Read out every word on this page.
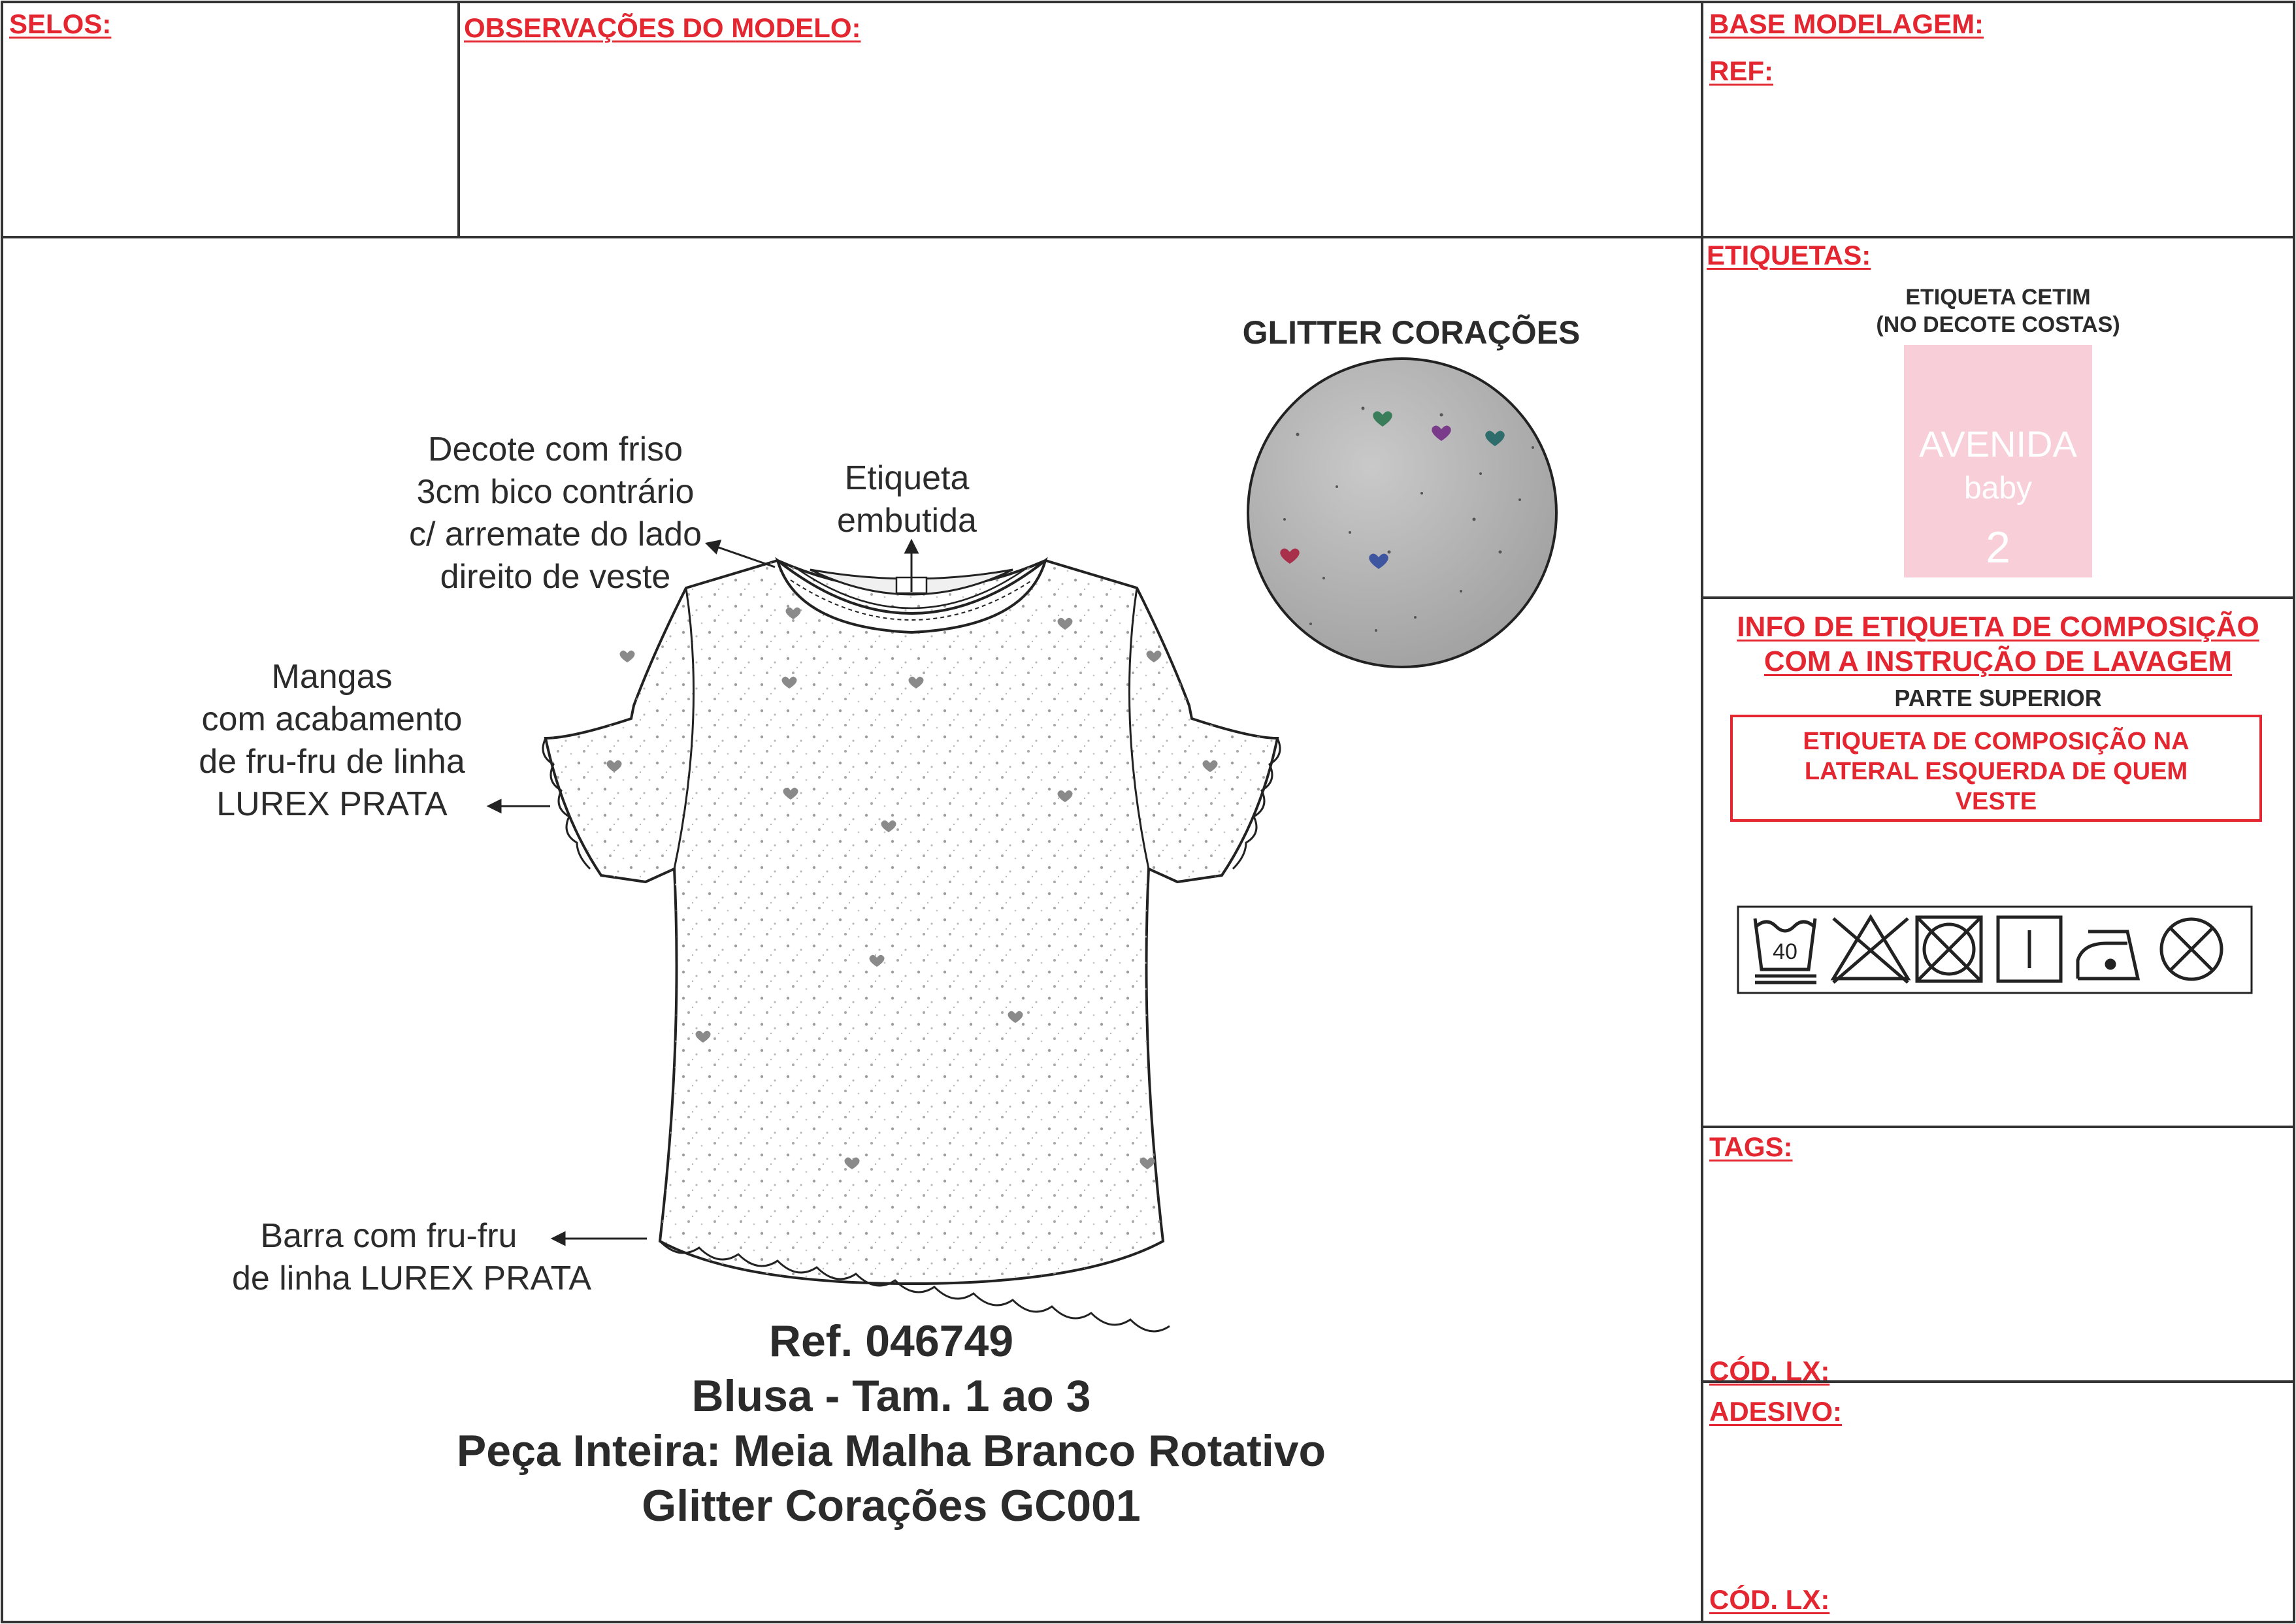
SELOS:	OBSERVAÇÕES DO MODELO:	BASE MODELAGEM:
REF:
ETIQUETAS:
TAGS:
CÓD. LX:
ADESIVO:
CÓD. LX:
ETIQUETA CETIM
(NO DECOTE COSTAS)
AVENIDA
baby
2
INFO DE ETIQUETA DE COMPOSIÇÃO
COM A INSTRUÇÃO DE LAVAGEM
PARTE SUPERIOR
ETIQUETA DE COMPOSIÇÃO NA
LATERAL ESQUERDA DE QUEM
VESTE
40
GLITTER CORAÇÕES
Decote com friso
3cm bico contrário
c/ arremate do lado
direito de veste
Etiqueta
embutida
Mangas
com acabamento
de fru-fru de linha
LUREX PRATA
Barra com fru-fru
de linha LUREX PRATA
Ref. 046749
Blusa - Tam. 1 ao 3
Peça Inteira: Meia Malha Branco Rotativo
Glitter Corações GC001
